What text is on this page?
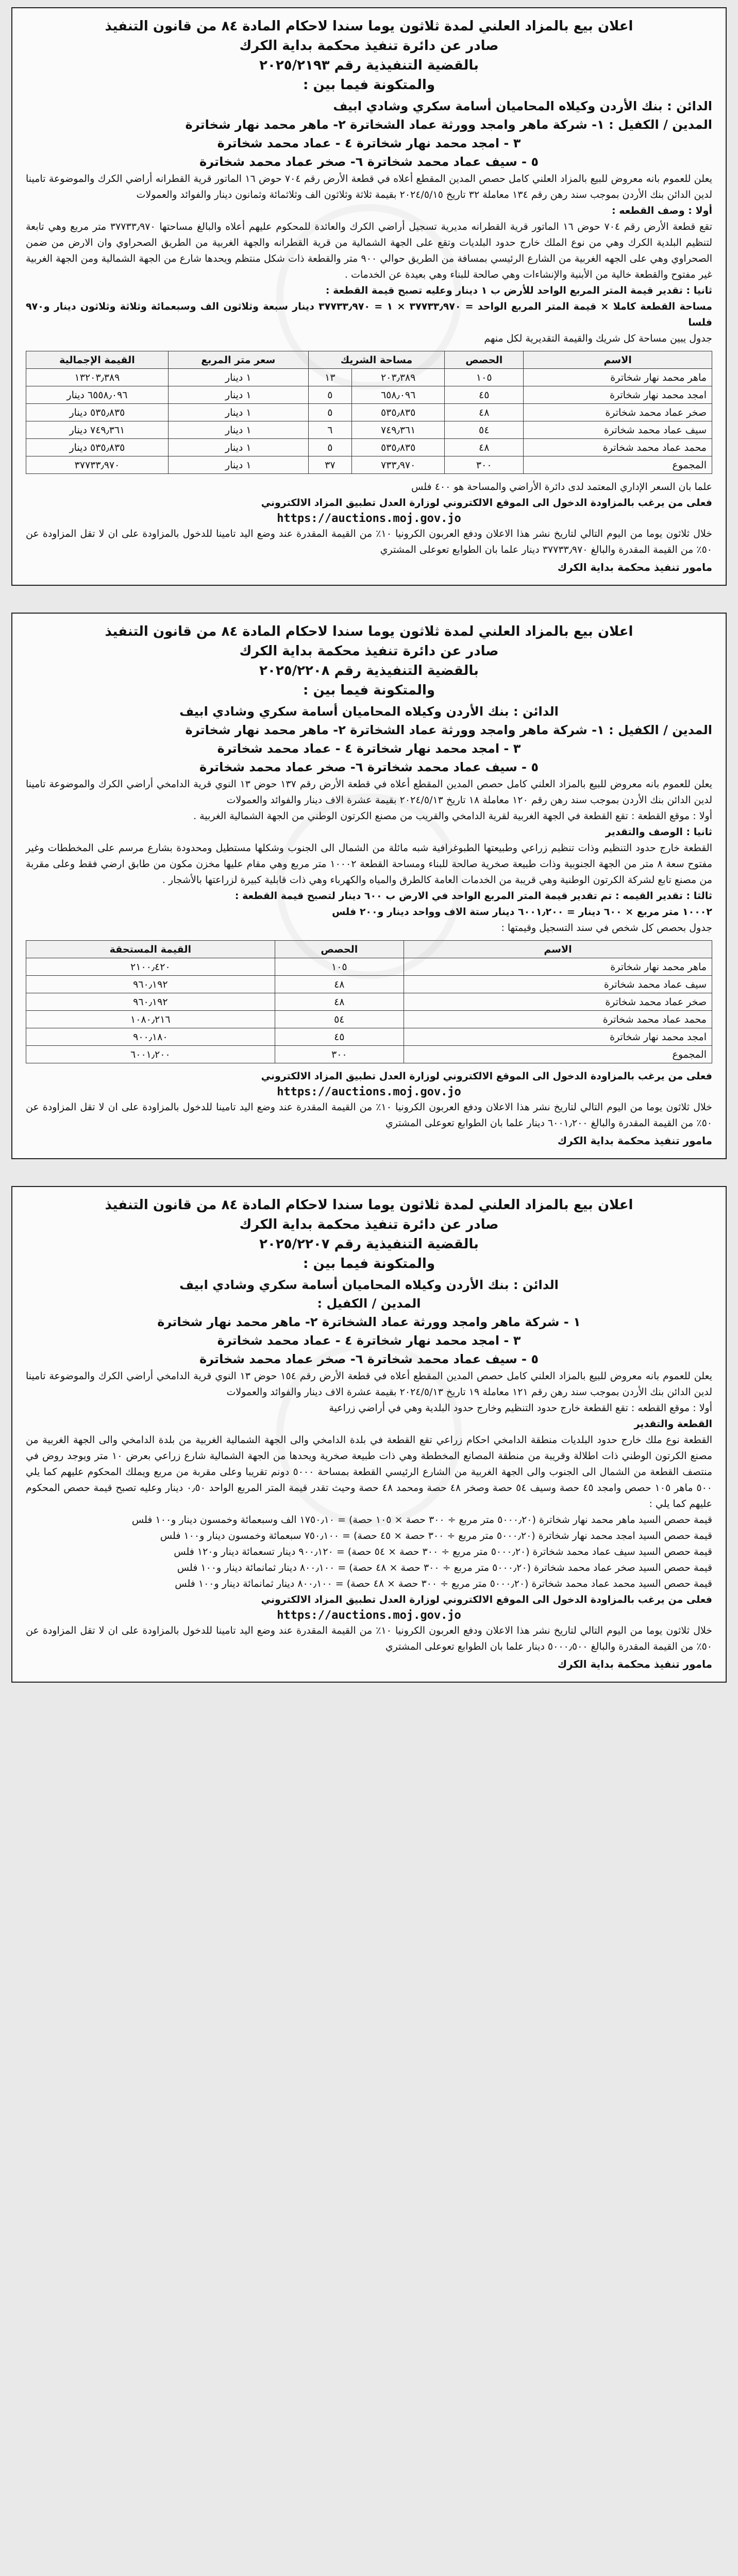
اعلان بيع بالمزاد العلني لمدة ثلاثون يوما سندا لاحكام المادة ٨٤ من قانون التنفيذ
صادر عن دائرة تنفيذ محكمة بداية الكرك
بالقضية التنفيذية رقم ٢٠٢٥/٢١٩٣
والمتكونة فيما بين :
الدائن : بنك الأردن وكيلاه المحاميان أسامة سكري وشادي ابيف
المدين / الكفيل : ١- شركة ماهر وامجد وورثة عماد الشخاترة ٢- ماهر محمد نهار شخاترة
٣ - امجد محمد نهار شخاترة ٤ - عماد محمد شخاترة
٥ - سيف عماد محمد شخاترة ٦- صخر عماد محمد شخاترة

يعلن للعموم بانه معروض للبيع بالمزاد العلني كامل حصص المدين المقطع أعلاه في قطعة الأرض رقم ٧٠٤ حوض ١٦ الماتور قرية القطرانه أراضي الكرك والموضوعة تامينا لدين الدائن بنك الأردن بموجب سند رهن رقم ١٣٤ معاملة ٣٢ تاريخ ٢٠٢٤/٥/١٥ بقيمة ثلاثة وثلاثون الف وثلاثمائة وثمانون دينار والفوائد والعمولات

أولا : وصف القطعه :

تقع قطعة الأرض رقم ٧٠٤ حوض ١٦ الماتور قرية القطرانه مديرية تسجيل أراضي الكرك والعائدة للمحكوم عليهم أعلاه والبالغ مساحتها ٣٧٧٣٣٫٩٧٠ متر مربع وهي تابعة لتنظيم البلدية الكرك وهي من نوع الملك خارج حدود البلديات وتقع على الجهة الشمالية من قرية القطرانه والجهة الغربية من الطريق الصحراوي وان الارض من ضمن الصحراوي وهي على الجهه الغربية من الشارع الرئيسي بمسافة من الطريق حوالي ٩٠٠ متر والقطعة ذات شكل منتظم ويحدها شارع من الجهة الشمالية ومن الجهة الغربية غير مفتوح والقطعة خالية من الأبنية والإنشاءات وهي صالحة للبناء وهي بعيدة عن الخدمات .

ثانيا : تقدير قيمة المتر المربع الواحد للأرض ب ١ دينار وعليه تصبح قيمة القطعة :

مساحة القطعة كاملا × قيمة المتر المربع الواحد = ٣٧٧٣٣٫٩٧٠ × ١ = ٣٧٧٣٣٫٩٧٠ دينار سبعة وثلاثون الف وسبعمائة وثلاثة وثلاثون دينار و٩٧٠ فلسا

جدول يبين مساحة كل شريك والقيمة التقديرية لكل منهم

الاسم	الحصص	مساحة الشريك		سعر متر المربع	القيمة الإجمالية
ماهر محمد نهار شخاترة	١٠٥	٢٠٣٫٣٨٩	١٣	١ دينار	١٣٢٠٣٫٣٨٩
امجد محمد نهار شخاترة	٤٥	٦٥٨٫٠٩٦	٥	١ دينار	٦٥٥٨٫٠٩٦ دينار
صخر عماد محمد شخاترة	٤٨	٥٣٥٫٨٣٥	٥	١ دينار	٥٣٥٫٨٣٥ دينار
سيف عماد محمد شخاترة	٥٤	٧٤٩٫٣٦١	٦	١ دينار	٧٤٩٫٣٦١ دينار
محمد عماد محمد شخاترة	٤٨	٥٣٥٫٨٣٥	٥	١ دينار	٥٣٥٫٨٣٥ دينار
المجموع	٣٠٠	٧٣٣٫٩٧٠	٣٧	١ دينار	٣٧٧٣٣٫٩٧٠

علما بان السعر الإداري المعتمد لدى دائرة الأراضي والمساحة هو ٤٠٠ فلس

فعلى من يرغب بالمزاودة الدخول الى الموقع الالكتروني لوزارة العدل تطبيق المزاد الالكتروني

https://auctions.moj.gov.jo

خلال ثلاثون يوما من اليوم التالي لتاريخ نشر هذا الاعلان ودفع العربون الكرونيا ١٠٪ من القيمة المقدرة عند وضع اليد تامينا للدخول بالمزاودة على ان لا تقل المزاودة عن ٥٠٪ من القيمة المقدرة والبالغ ٣٧٧٣٣٫٩٧٠ دينار علما بان الطوابع تعوعلى المشتري

مامور تنفيذ محكمة بداية الكرك
اعلان بيع بالمزاد العلني لمدة ثلاثون يوما سندا لاحكام المادة ٨٤ من قانون التنفيذ
صادر عن دائرة تنفيذ محكمة بداية الكرك
بالقضية التنفيذية رقم ٢٠٢٥/٢٢٠٨
والمتكونة فيما بين :
الدائن : بنك الأردن وكيلاه المحاميان أسامة سكري وشادي ابيف
المدين / الكفيل : ١- شركة ماهر وامجد وورثة عماد الشخاترة ٢- ماهر محمد نهار شخاترة
٣ - امجد محمد نهار شخاترة ٤ - عماد محمد شخاترة
٥ - سيف عماد محمد شخاترة ٦- صخر عماد محمد شخاترة

يعلن للعموم بانه معروض للبيع بالمزاد العلني كامل حصص المدين المقطع أعلاه في قطعة الأرض رقم ١٣٧ حوض ١٣ النوي قرية الدامخي أراضي الكرك والموضوعة تامينا لدين الدائن بنك الأردن بموجب سند رهن رقم ١٢٠ معاملة ١٨ تاريخ ٢٠٢٤/٥/١٣ بقيمة عشرة الاف دينار والفوائد والعمولات

أولا : موقع القطعة : تقع القطعة في الجهة الغربية لقرية الدامخي والقريب من مصنع الكرتون الوطني من الجهة الشمالية الغربية .

ثانيا : الوصف والتقدير

القطعة خارج حدود التنظيم وذات تنظيم زراعي وطبيعتها الطبوغرافية شبه مائلة من الشمال الى الجنوب وشكلها مستطيل ومحدودة بشارع مرسم على المخططات وغير مفتوح سعة ٨ متر من الجهة الجنوبية وذات طبيعة صخرية صالحة للبناء ومساحة القطعة ١٠٠٠٢ متر مربع وهي مقام عليها مخزن مكون من طابق ارضي فقط وعلى مقربة من مصنع تابع لشركة الكرتون الوطنية وهي قريبة من الخدمات العامة كالطرق والمياه والكهرباء وهي ذات قابلية كبيرة لزراعتها بالأشجار .

ثالثا : تقدير القيمه : تم تقدير قيمة المتر المربع الواحد في الارض ب ٦٠٠ دينار لتصبح قيمة القطعة :

١٠٠٠٢ متر مربع × ٦٠٠ دينار = ٦٠٠١٫٢٠٠ دينار ستة الاف وواحد دينار و٢٠٠ فلس

جدول بحصص كل شخص في سند التسجيل وقيمتها :

الاسم	الحصص	القيمة المستحقة
ماهر محمد نهار شخاترة	١٠٥	٢١٠٠٫٤٢٠
سيف عماد محمد شخاترة	٤٨	٩٦٠٫١٩٢
صخر عماد محمد شخاترة	٤٨	٩٦٠٫١٩٢
محمد عماد محمد شخاترة	٥٤	١٠٨٠٫٢١٦
امجد محمد نهار شخاترة	٤٥	٩٠٠٫١٨٠
المجموع	٣٠٠	٦٠٠١٫٢٠٠

فعلى من يرغب بالمزاودة الدخول الى الموقع الالكتروني لوزارة العدل تطبيق المزاد الالكتروني

https://auctions.moj.gov.jo

خلال ثلاثون يوما من اليوم التالي لتاريخ نشر هذا الاعلان ودفع العربون الكرونيا ١٠٪ من القيمة المقدرة عند وضع اليد تامينا للدخول بالمزاودة على ان لا تقل المزاودة عن ٥٠٪ من القيمة المقدرة والبالغ ٦٠٠١٫٢٠٠ دينار علما بان الطوابع تعوعلى المشتري

مامور تنفيذ محكمة بداية الكرك
اعلان بيع بالمزاد العلني لمدة ثلاثون يوما سندا لاحكام المادة ٨٤ من قانون التنفيذ
صادر عن دائرة تنفيذ محكمة بداية الكرك
بالقضية التنفيذية رقم ٢٠٢٥/٢٢٠٧
والمتكونة فيما بين :
الدائن : بنك الأردن وكيلاه المحاميان أسامة سكري وشادي ابيف
المدين / الكفيل :
١ - شركة ماهر وامجد وورثة عماد الشخاترة ٢- ماهر محمد نهار شخاترة
٣ - امجد محمد نهار شخاترة ٤ - عماد محمد شخاترة
٥ - سيف عماد محمد شخاترة ٦- صخر عماد محمد شخاترة

يعلن للعموم بانه معروض للبيع بالمزاد العلني كامل حصص المدين المقطع أعلاه في قطعة الأرض رقم ١٥٤ حوض ١٣ النوي قرية الدامخي أراضي الكرك والموضوعة تامينا لدين الدائن بنك الأردن بموجب سند رهن رقم ١٢١ معاملة ١٩ تاريخ ٢٠٢٤/٥/١٣ بقيمة عشرة الاف دينار والفوائد والعمولات

أولا : موقع القطعه : تقع القطعة خارج حدود التنظيم وخارج حدود البلدية وهي في أراضي زراعية

القطعة والتقدير

القطعة نوع ملك خارج حدود البلديات منطقة الدامخي احكام زراعي تقع القطعة في بلدة الدامخي والى الجهة الشمالية الغربية من بلدة الدامخي والى الجهة الغربية من مصنع الكرتون الوطني ذات اطلالة وقريبة من منطقة المصانع المخططة وهي ذات طبيعة صخرية ويحدها من الجهة الشمالية شارع زراعي بعرض ١٠ متر ويوجد روض في منتصف القطعة من الشمال الى الجنوب والى الجهة الغربية من الشارع الرئيسي القطعة بمساحة ٥٠٠٠ دونم تقريبا وعلى مقربة من مربع ويملك المحكوم عليهم كما يلي ٥٠٠ ماهر ١٠٥ حصص وامجد ٤٥ حصة وسيف ٥٤ حصة وصخر ٤٨ حصة ومحمد ٤٨ حصة وحيث تقدر قيمة المتر المربع الواحد ٠٫٥٠ دينار وعليه تصبح قيمة حصص المحكوم عليهم كما يلي :

قيمة حصص السيد ماهر محمد نهار شخاترة (٥٠٠٠٫٢٠ متر مربع ÷ ٣٠٠ حصة × ١٠٥ حصة) = ١٧٥٠٫١٠ الف وسبعمائة وخمسون دينار و١٠٠ فلس

قيمة حصص السيد امجد محمد نهار شخاترة (٥٠٠٠٫٢٠ متر مربع ÷ ٣٠٠ حصة × ٤٥ حصة) = ٧٥٠٫١٠٠ سبعمائة وخمسون دينار و١٠٠ فلس

قيمة حصص السيد سيف عماد محمد شخاترة (٥٠٠٠٫٢٠ متر مربع ÷ ٣٠٠ حصة × ٥٤ حصة) = ٩٠٠٫١٢٠ دينار تسعمائة دينار و١٢٠ فلس

قيمة حصص السيد صخر عماد محمد شخاترة (٥٠٠٠٫٢٠ متر مربع ÷ ٣٠٠ حصة × ٤٨ حصة) = ٨٠٠٫١٠٠ دينار ثمانمائة دينار و١٠٠ فلس

قيمة حصص السيد محمد عماد محمد شخاترة (٥٠٠٠٫٢٠ متر مربع ÷ ٣٠٠ حصة × ٤٨ حصة) = ٨٠٠٫١٠٠ دينار ثمانمائة دينار و١٠٠ فلس

فعلى من يرغب بالمزاودة الدخول الى الموقع الالكتروني لوزارة العدل تطبيق المزاد الالكتروني

https://auctions.moj.gov.jo

خلال ثلاثون يوما من اليوم التالي لتاريخ نشر هذا الاعلان ودفع العربون الكرونيا ١٠٪ من القيمة المقدرة عند وضع اليد تامينا للدخول بالمزاودة على ان لا تقل المزاودة عن ٥٠٪ من القيمة المقدرة والبالغ ٥٠٠٠٫٥٠٠ دينار علما بان الطوابع تعوعلى المشتري

مامور تنفيذ محكمة بداية الكرك
